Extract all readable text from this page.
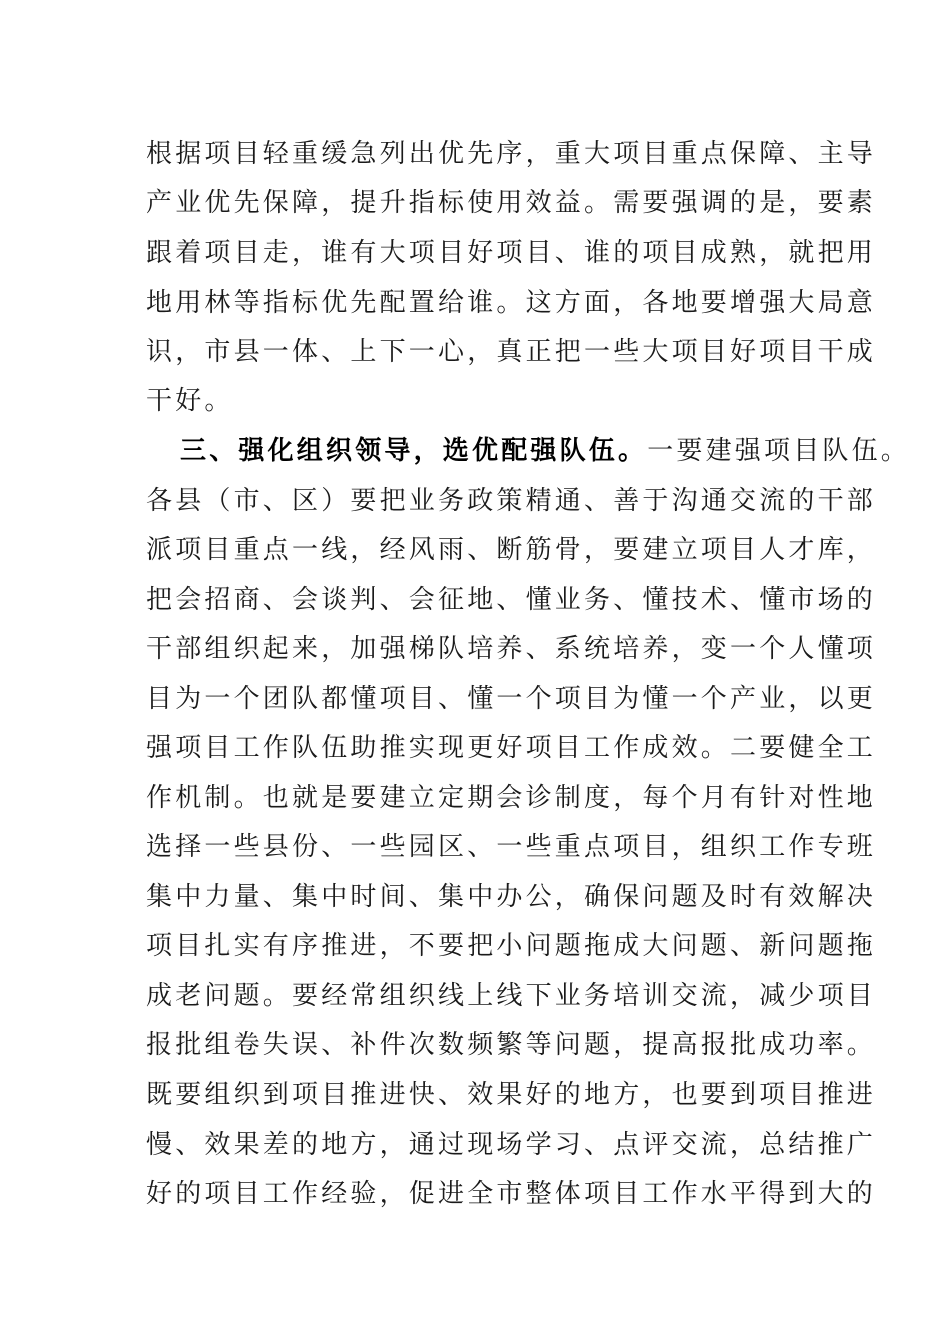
根据项目轻重缓急列出优先序，重大项目重点保障、主导
产业优先保障，提升指标使用效益。需要强调的是，要素
跟着项目走，谁有大项目好项目、谁的项目成熟，就把用
地用林等指标优先配置给谁。这方面，各地要增强大局意
识，市县一体、上下一心，真正把一些大项目好项目干成
干好。
三、强化组织领导，选优配强队伍。一要建强项目队伍。
各县（市、区）要把业务政策精通、善于沟通交流的干部
派项目重点一线，经风雨、断筋骨，要建立项目人才库，
把会招商、会谈判、会征地、懂业务、懂技术、懂市场的
干部组织起来，加强梯队培养、系统培养，变一个人懂项
目为一个团队都懂项目、懂一个项目为懂一个产业，以更
强项目工作队伍助推实现更好项目工作成效。二要健全工
作机制。也就是要建立定期会诊制度，每个月有针对性地
选择一些县份、一些园区、一些重点项目，组织工作专班
集中力量、集中时间、集中办公，确保问题及时有效解决
项目扎实有序推进，不要把小问题拖成大问题、新问题拖
成老问题。要经常组织线上线下业务培训交流，减少项目
报批组卷失误、补件次数频繁等问题，提高报批成功率。
既要组织到项目推进快、效果好的地方，也要到项目推进
慢、效果差的地方，通过现场学习、点评交流，总结推广
好的项目工作经验，促进全市整体项目工作水平得到大的
